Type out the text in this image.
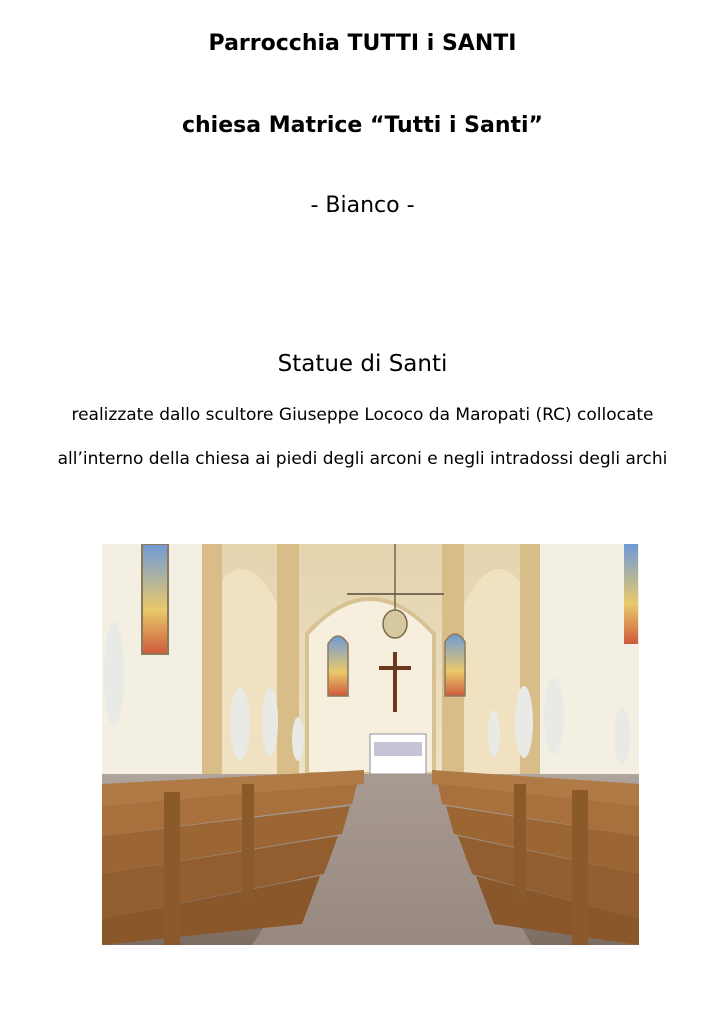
Parrocchia TUTTI i SANTI
chiesa Matrice “Tutti i Santi”
- Bianco -
Statue di Santi
realizzate dallo scultore Giuseppe Lococo da Maropati (RC) collocate
all’interno della chiesa ai piedi degli arconi e negli intradossi degli archi
